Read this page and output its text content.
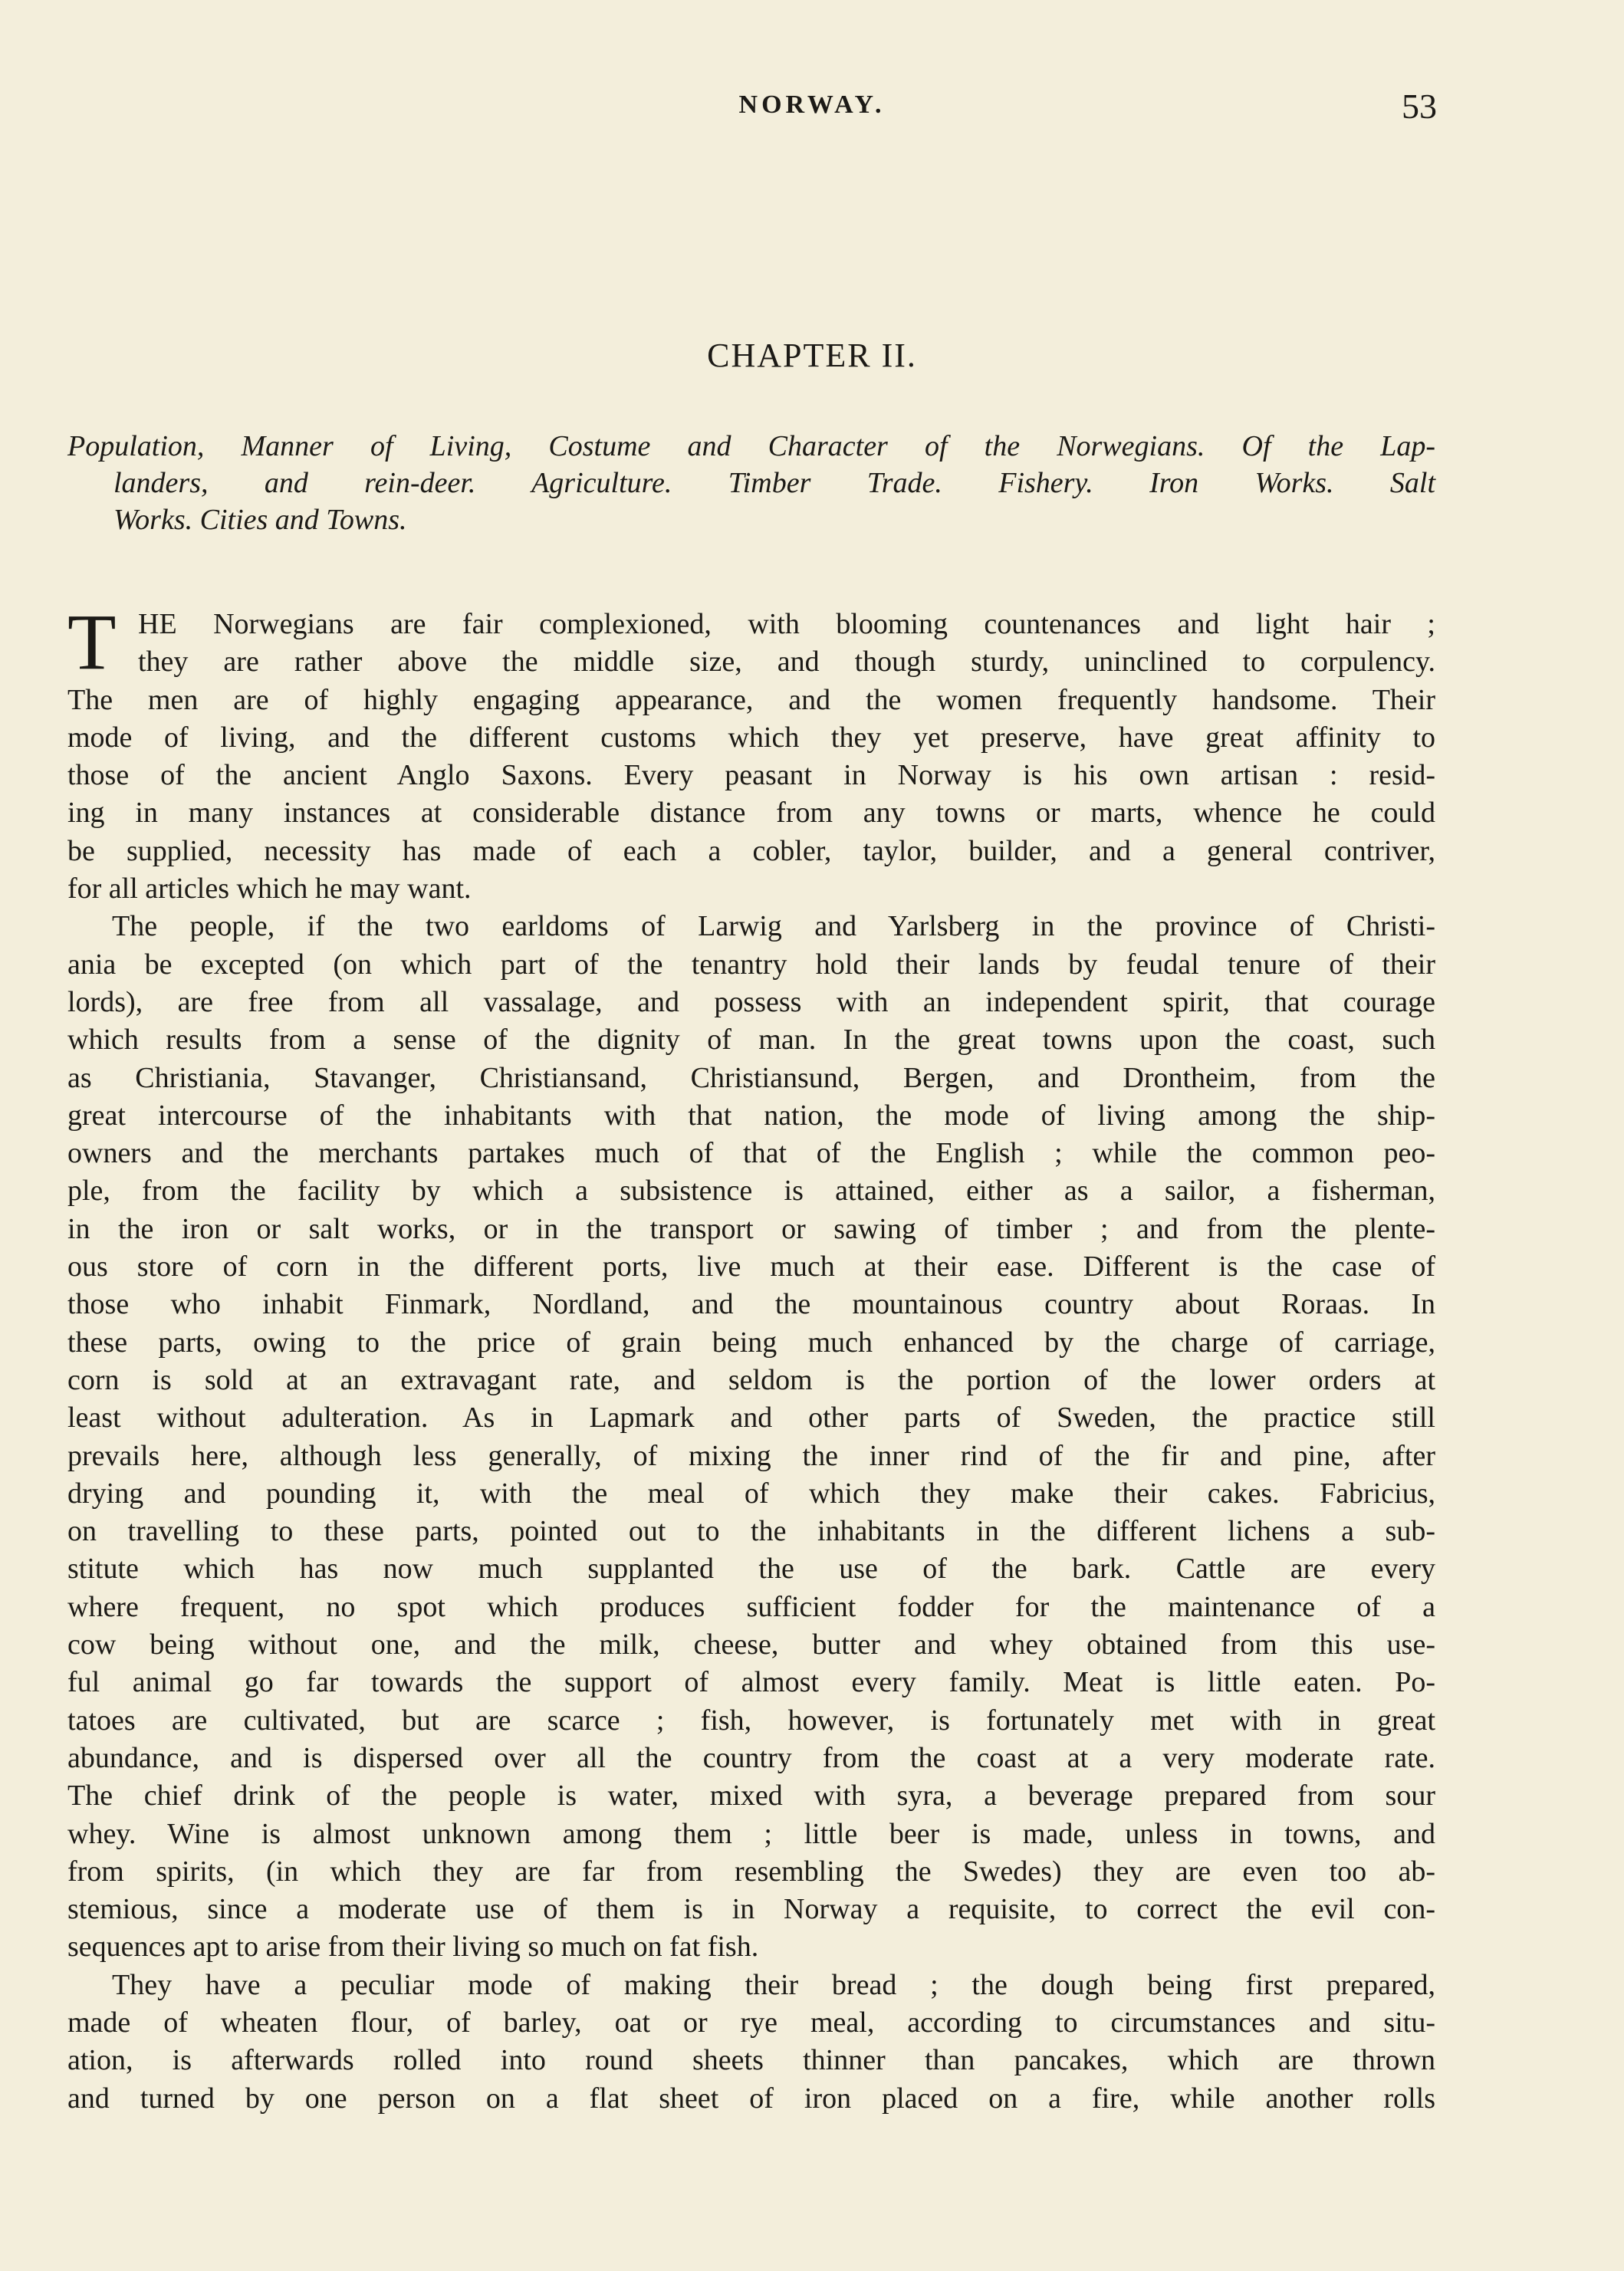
NORWAY.	53
CHAPTER II.
Population, Manner of Living, Costume and Character of the Norwegians. Of the Lap-
landers, and rein-deer. Agriculture. Timber Trade. Fishery. Iron Works. Salt
Works. Cities and Towns.
T HE Norwegians are fair complexioned, with blooming countenances and light hair ;
they are rather above the middle size, and though sturdy, uninclined to corpulency.
The men are of highly engaging appearance, and the women frequently handsome. Their
mode of living, and the different customs which they yet preserve, have great affinity to
those of the ancient Anglo Saxons. Every peasant in Norway is his own artisan : resid-
ing in many instances at considerable distance from any towns or marts, whence he could
be supplied, necessity has made of each a cobler, taylor, builder, and a general contriver,
for all articles which he may want.
The people, if the two earldoms of Larwig and Yarlsberg in the province of Christi-
ania be excepted (on which part of the tenantry hold their lands by feudal tenure of their
lords), are free from all vassalage, and possess with an independent spirit, that courage
which results from a sense of the dignity of man. In the great towns upon the coast, such
as Christiania, Stavanger, Christiansand, Christiansund, Bergen, and Drontheim, from the
great intercourse of the inhabitants with that nation, the mode of living among the ship-
owners and the merchants partakes much of that of the English ; while the common peo-
ple, from the facility by which a subsistence is attained, either as a sailor, a fisherman,
in the iron or salt works, or in the transport or sawing of timber ; and from the plente-
ous store of corn in the different ports, live much at their ease. Different is the case of
those who inhabit Finmark, Nordland, and the mountainous country about Roraas. In
these parts, owing to the price of grain being much enhanced by the charge of carriage,
corn is sold at an extravagant rate, and seldom is the portion of the lower orders at
least without adulteration. As in Lapmark and other parts of Sweden, the practice still
prevails here, although less generally, of mixing the inner rind of the fir and pine, after
drying and pounding it, with the meal of which they make their cakes. Fabricius,
on travelling to these parts, pointed out to the inhabitants in the different lichens a sub-
stitute which has now much supplanted the use of the bark. Cattle are every
where frequent, no spot which produces sufficient fodder for the maintenance of a
cow being without one, and the milk, cheese, butter and whey obtained from this use-
ful animal go far towards the support of almost every family. Meat is little eaten. Po-
tatoes are cultivated, but are scarce ; fish, however, is fortunately met with in great
abundance, and is dispersed over all the country from the coast at a very moderate rate.
The chief drink of the people is water, mixed with syra, a beverage prepared from sour
whey. Wine is almost unknown among them ; little beer is made, unless in towns, and
from spirits, (in which they are far from resembling the Swedes) they are even too ab-
stemious, since a moderate use of them is in Norway a requisite, to correct the evil con-
sequences apt to arise from their living so much on fat fish.
They have a peculiar mode of making their bread ; the dough being first prepared,
made of wheaten flour, of barley, oat or rye meal, according to circumstances and situ-
ation, is afterwards rolled into round sheets thinner than pancakes, which are thrown
and turned by one person on a flat sheet of iron placed on a fire, while another rolls
